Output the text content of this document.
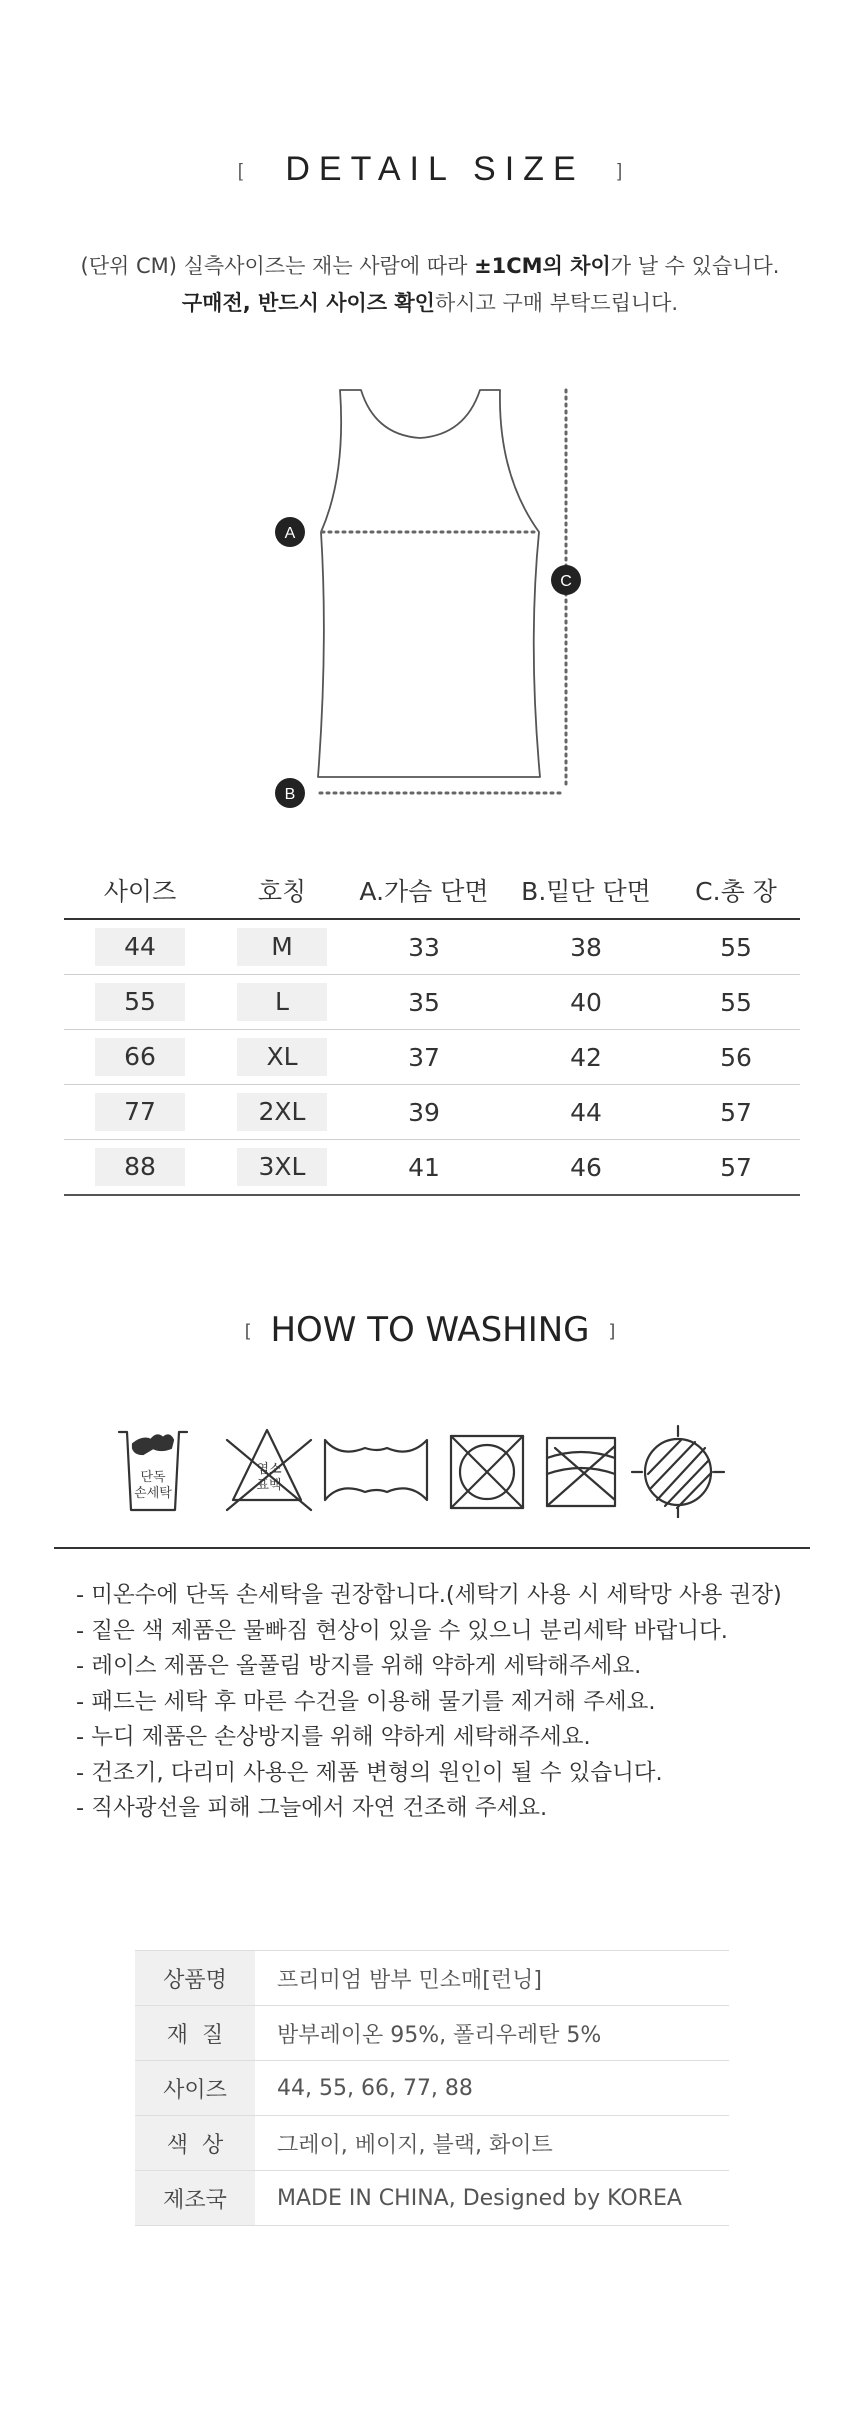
[ DETAIL SIZE ]
(단위 CM) 실측사이즈는 재는 사람에 따라 ±1CM의 차이가 날 수 있습니다.
구매전, 반드시 사이즈 확인하시고 구매 부탁드립니다.
A
B
C
사이즈	호칭	A.가슴 단면	B.밑단 단면	C.총 장
44	M	33	38	55
55	L	35	40	55
66	XL	37	42	56
77	2XL	39	44	57
88	3XL	41	46	57
[ HOW TO WASHING ]
단독
손세탁
염소
표백
- 미온수에 단독 손세탁을 권장합니다.(세탁기 사용 시 세탁망 사용 권장)
- 짙은 색 제품은 물빠짐 현상이 있을 수 있으니 분리세탁 바랍니다.
- 레이스 제품은 올풀림 방지를 위해 약하게 세탁해주세요.
- 패드는 세탁 후 마른 수건을 이용해 물기를 제거해 주세요.
- 누디 제품은 손상방지를 위해 약하게 세탁해주세요.
- 건조기, 다리미 사용은 제품 변형의 원인이 될 수 있습니다.
- 직사광선을 피해 그늘에서 자연 건조해 주세요.
상품명	프리미엄 밤부 민소매[런닝]
재  질	밤부레이온 95%, 폴리우레탄 5%
사이즈	44, 55, 66, 77, 88
색  상	그레이, 베이지, 블랙, 화이트
제조국	MADE IN CHINA, Designed by KOREA
